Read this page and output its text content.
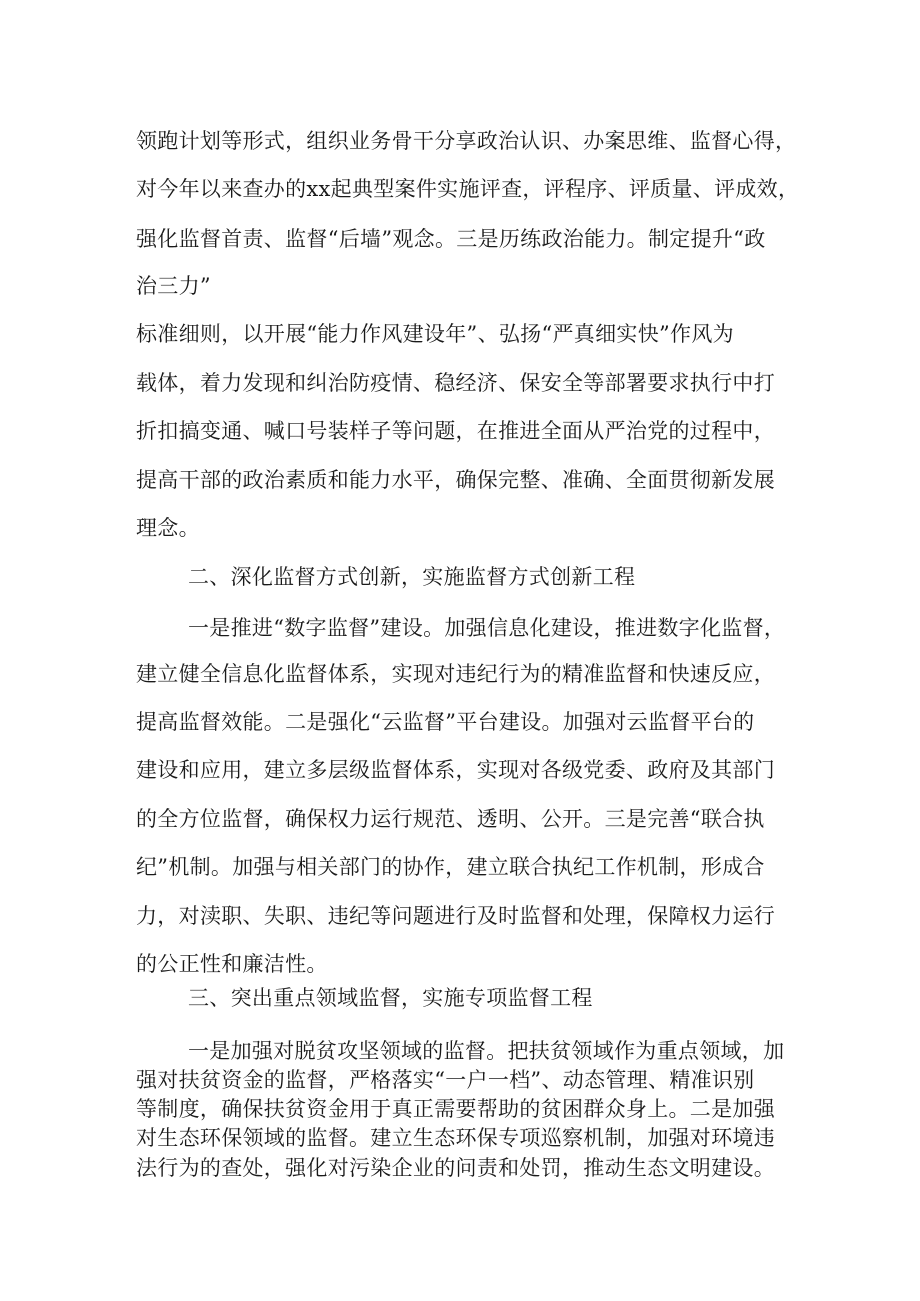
领跑计划等形式，组织业务骨干分享政治认识、办案思维、监督心得，
对今年以来查办的xx起典型案件实施评查，评程序、评质量、评成效，
强化监督首责、监督“后墙”观念。三是历练政治能力。制定提升“政
治三力”
标准细则，以开展“能力作风建设年”、弘扬“严真细实快”作风为
载体，着力发现和纠治防疫情、稳经济、保安全等部署要求执行中打
折扣搞变通、喊口号装样子等问题，在推进全面从严治党的过程中，
提高干部的政治素质和能力水平，确保完整、准确、全面贯彻新发展
理念。
二、深化监督方式创新，实施监督方式创新工程
一是推进“数字监督”建设。加强信息化建设，推进数字化监督，
建立健全信息化监督体系，实现对违纪行为的精准监督和快速反应，
提高监督效能。二是强化“云监督”平台建设。加强对云监督平台的
建设和应用，建立多层级监督体系，实现对各级党委、政府及其部门
的全方位监督，确保权力运行规范、透明、公开。三是完善“联合执
纪”机制。加强与相关部门的协作，建立联合执纪工作机制，形成合
力，对渎职、失职、违纪等问题进行及时监督和处理，保障权力运行
的公正性和廉洁性。
三、突出重点领域监督，实施专项监督工程
一是加强对脱贫攻坚领域的监督。把扶贫领域作为重点领域，加
强对扶贫资金的监督，严格落实“一户一档”、动态管理、精准识别
等制度，确保扶贫资金用于真正需要帮助的贫困群众身上。二是加强
对生态环保领域的监督。建立生态环保专项巡察机制，加强对环境违
法行为的查处，强化对污染企业的问责和处罚，推动生态文明建设。
